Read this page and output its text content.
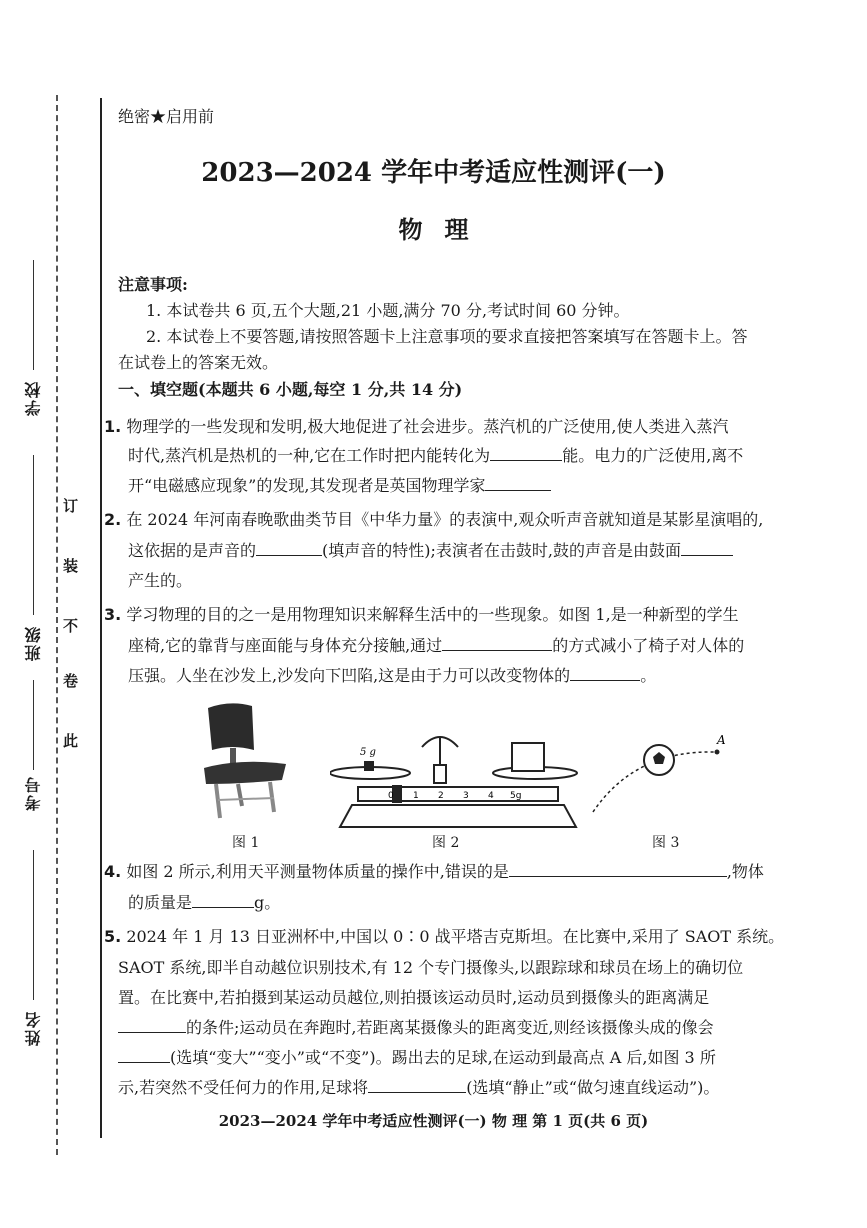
学校
班级
考号
姓名
订
装
不
卷
此
绝密★启用前
2023—2024 学年中考适应性测评(一)
物理
注意事项:
1. 本试卷共 6 页,五个大题,21 小题,满分 70 分,考试时间 60 分钟。
2. 本试卷上不要答题,请按照答题卡上注意事项的要求直接把答案填写在答题卡上。答
在试卷上的答案无效。
一、填空题(本题共 6 小题,每空 1 分,共 14 分)
1. 物理学的一些发现和发明,极大地促进了社会进步。蒸汽机的广泛使用,使人类进入蒸汽
时代,蒸汽机是热机的一种,它在工作时把内能转化为	能。电力的广泛使用,离不
开“电磁感应现象”的发现,其发现者是英国物理学家
2. 在 2024 年河南春晚歌曲类节目《中华力量》的表演中,观众听声音就知道是某影星演唱的,
这依据的是声音的	(填声音的特性);表演者在击鼓时,鼓的声音是由鼓面
产生的。
3. 学习物理的目的之一是用物理知识来解释生活中的一些现象。如图 1,是一种新型的学生
座椅,它的靠背与座面能与身体充分接触,通过	的方式减小了椅子对人体的
压强。人坐在沙发上,沙发向下凹陷,这是由于力可以改变物体的	。
图 1
5 g
0 1 2 3 4 5g
图 2
A
图 3
4. 如图 2 所示,利用天平测量物体质量的操作中,错误的是	,物体
的质量是	g。
5. 2024 年 1 月 13 日亚洲杯中,中国以 0∶0 战平塔吉克斯坦。在比赛中,采用了 SAOT 系统。
SAOT 系统,即半自动越位识别技术,有 12 个专门摄像头,以跟踪球和球员在场上的确切位
置。在比赛中,若拍摄到某运动员越位,则拍摄该运动员时,运动员到摄像头的距离满足
的条件;运动员在奔跑时,若距离某摄像头的距离变近,则经该摄像头成的像会
(选填“变大”“变小”或“不变”)。踢出去的足球,在运动到最高点 A 后,如图 3 所
示,若突然不受任何力的作用,足球将	(选填“静止”或“做匀速直线运动”)。
2023—2024 学年中考适应性测评(一) 物 理 第 1 页(共 6 页)
